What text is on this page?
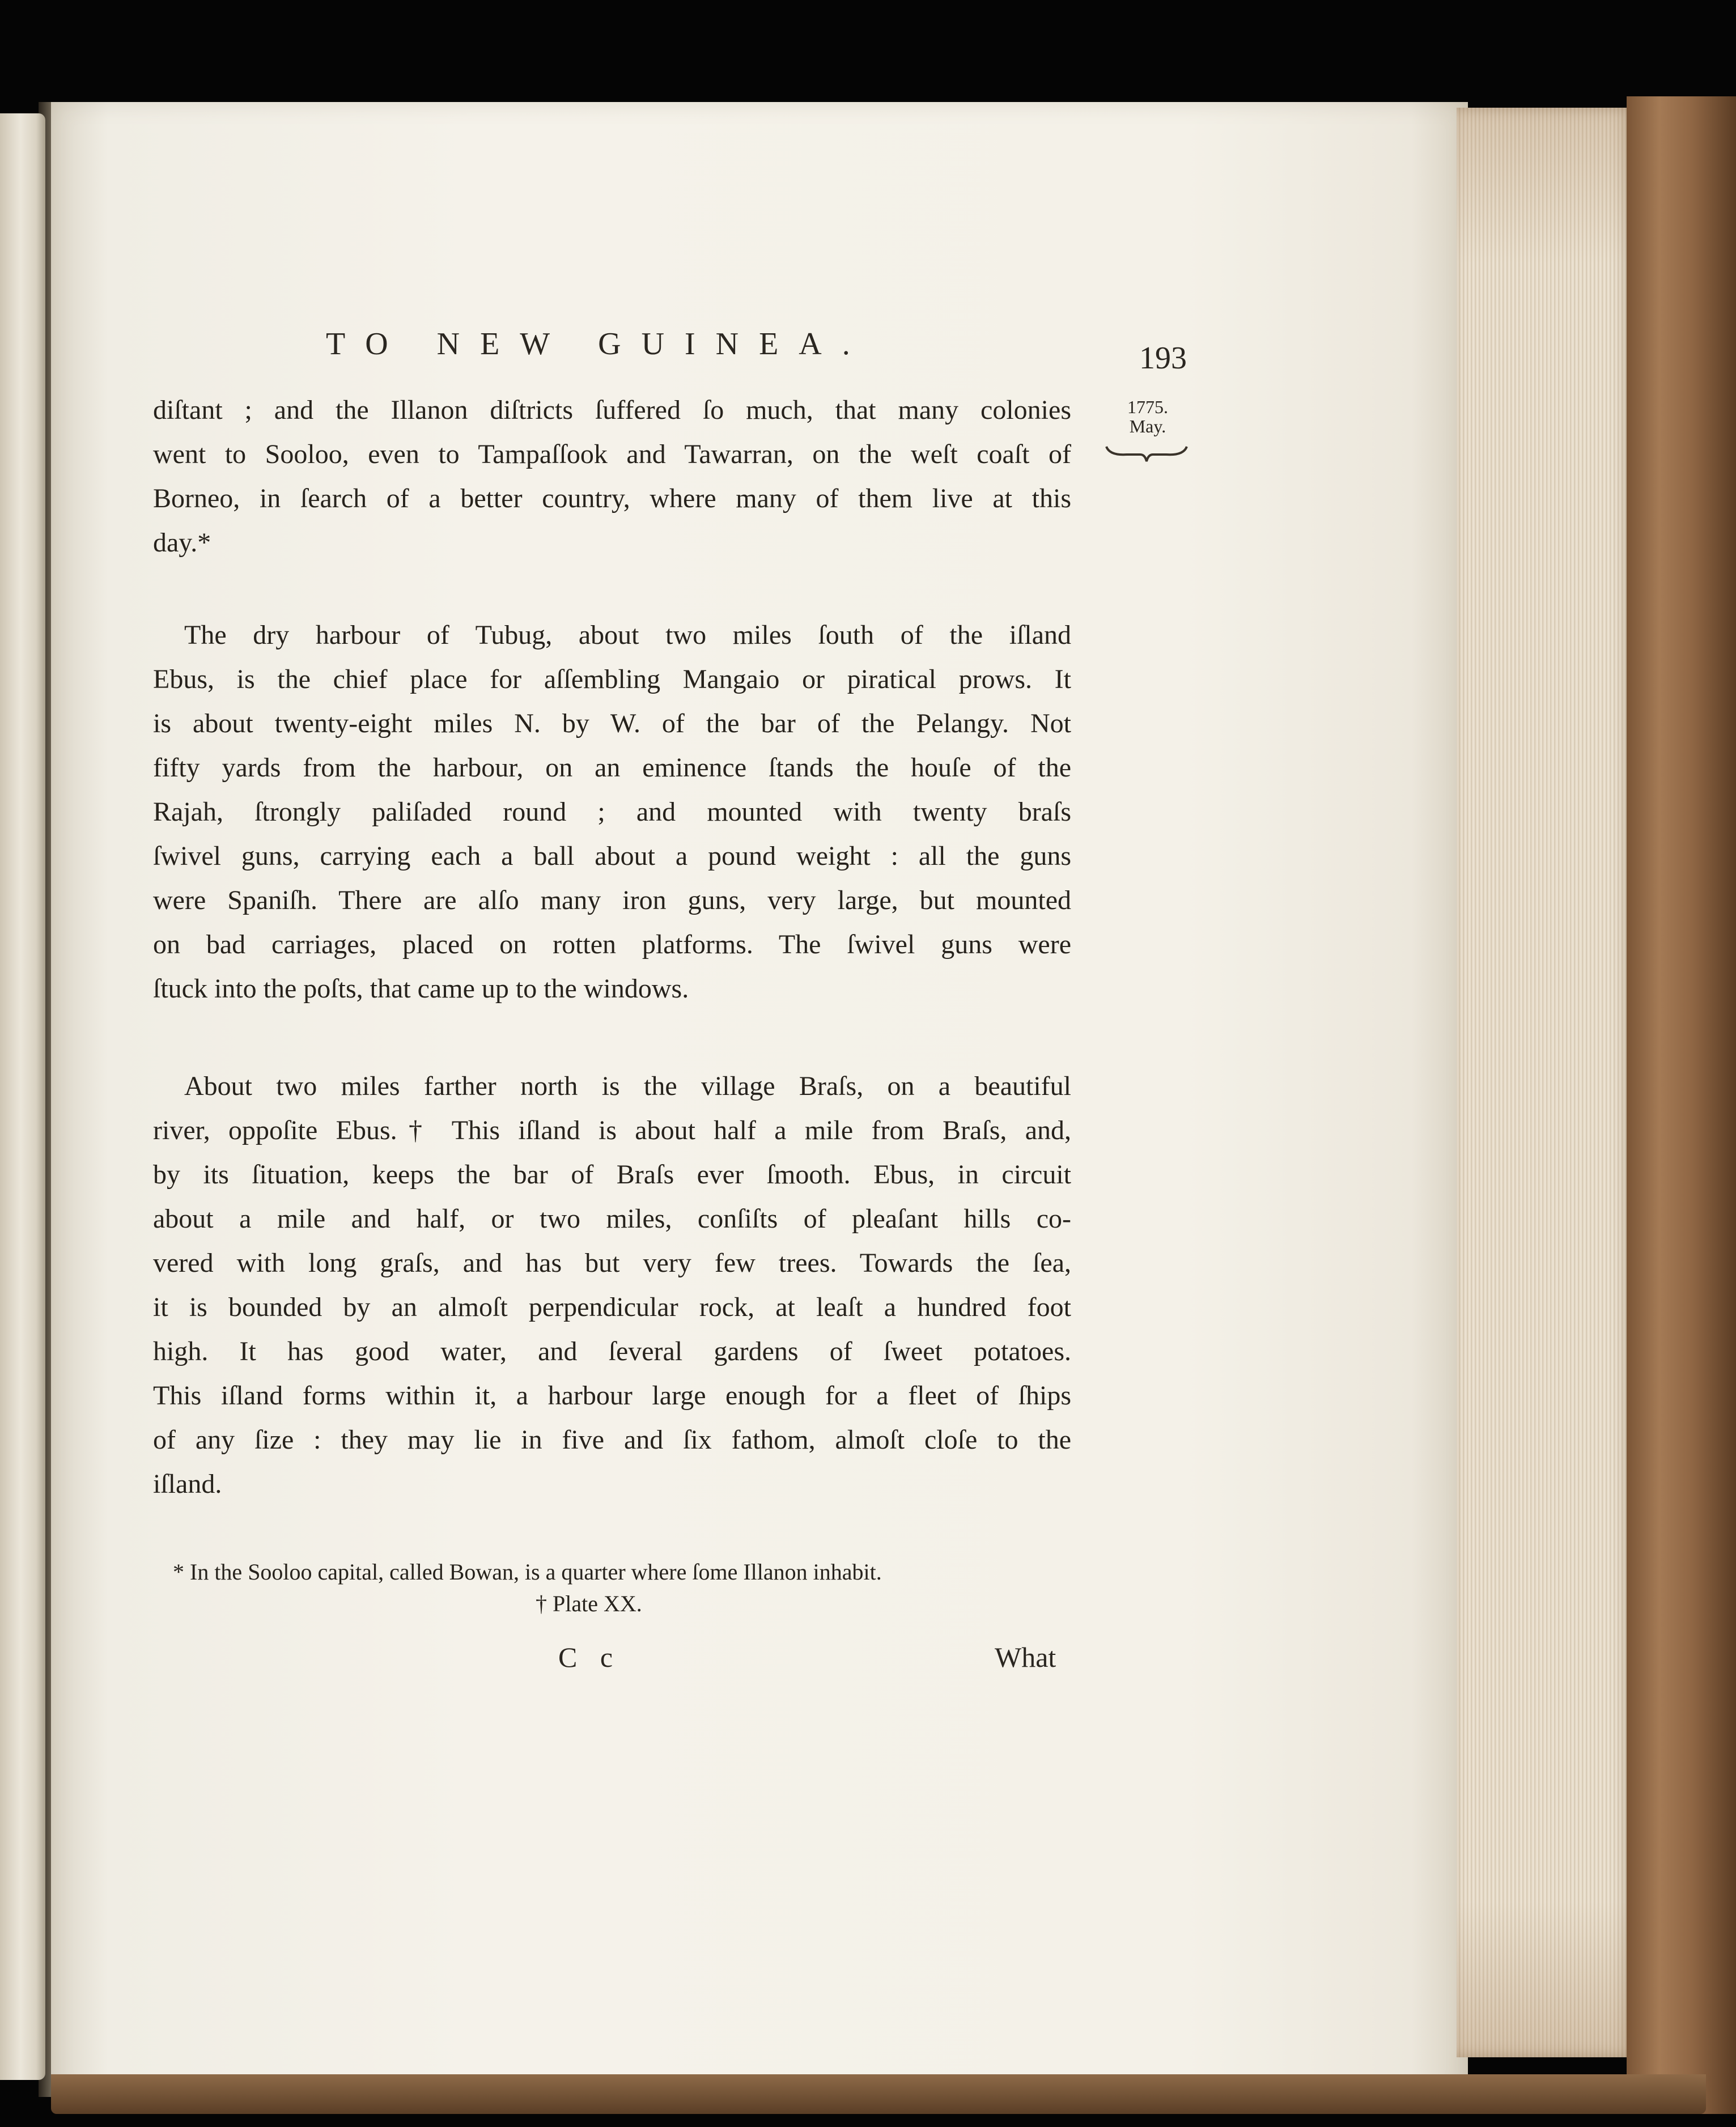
TO NEW GUINEA.	193
1775.
May.
diſtant ; and the Illanon diſtricts ſuffered ſo much, that many colonies
went to Sooloo, even to Tampaſſook and Tawarran, on the weſt coaſt of
Borneo, in ſearch of a better country, where many of them live at this
day.*
The dry harbour of Tubug, about two miles ſouth of the iſland
Ebus, is the chief place for aſſembling Mangaio or piratical prows. It
is about twenty-eight miles N. by W. of the bar of the Pelangy. Not
fifty yards from the harbour, on an eminence ſtands the houſe of the
Rajah, ſtrongly paliſaded round ; and mounted with twenty braſs
ſwivel guns, carrying each a ball about a pound weight : all the guns
were Spaniſh. There are alſo many iron guns, very large, but mounted
on bad carriages, placed on rotten platforms. The ſwivel guns were
ſtuck into the poſts, that came up to the windows.
About two miles farther north is the village Braſs, on a beautiful
river, oppoſite Ebus.† This iſland is about half a mile from Braſs, and,
by its ſituation, keeps the bar of Braſs ever ſmooth. Ebus, in circuit
about a mile and half, or two miles, conſiſts of pleaſant hills co-
vered with long graſs, and has but very few trees. Towards the ſea,
it is bounded by an almoſt perpendicular rock, at leaſt a hundred foot
high. It has good water, and ſeveral gardens of ſweet potatoes.
This iſland forms within it, a harbour large enough for a fleet of ſhips
of any ſize : they may lie in five and ſix fathom, almoſt cloſe to the
iſland.
* In the Sooloo capital, called Bowan, is a quarter where ſome Illanon inhabit.
† Plate XX.
C c	What
